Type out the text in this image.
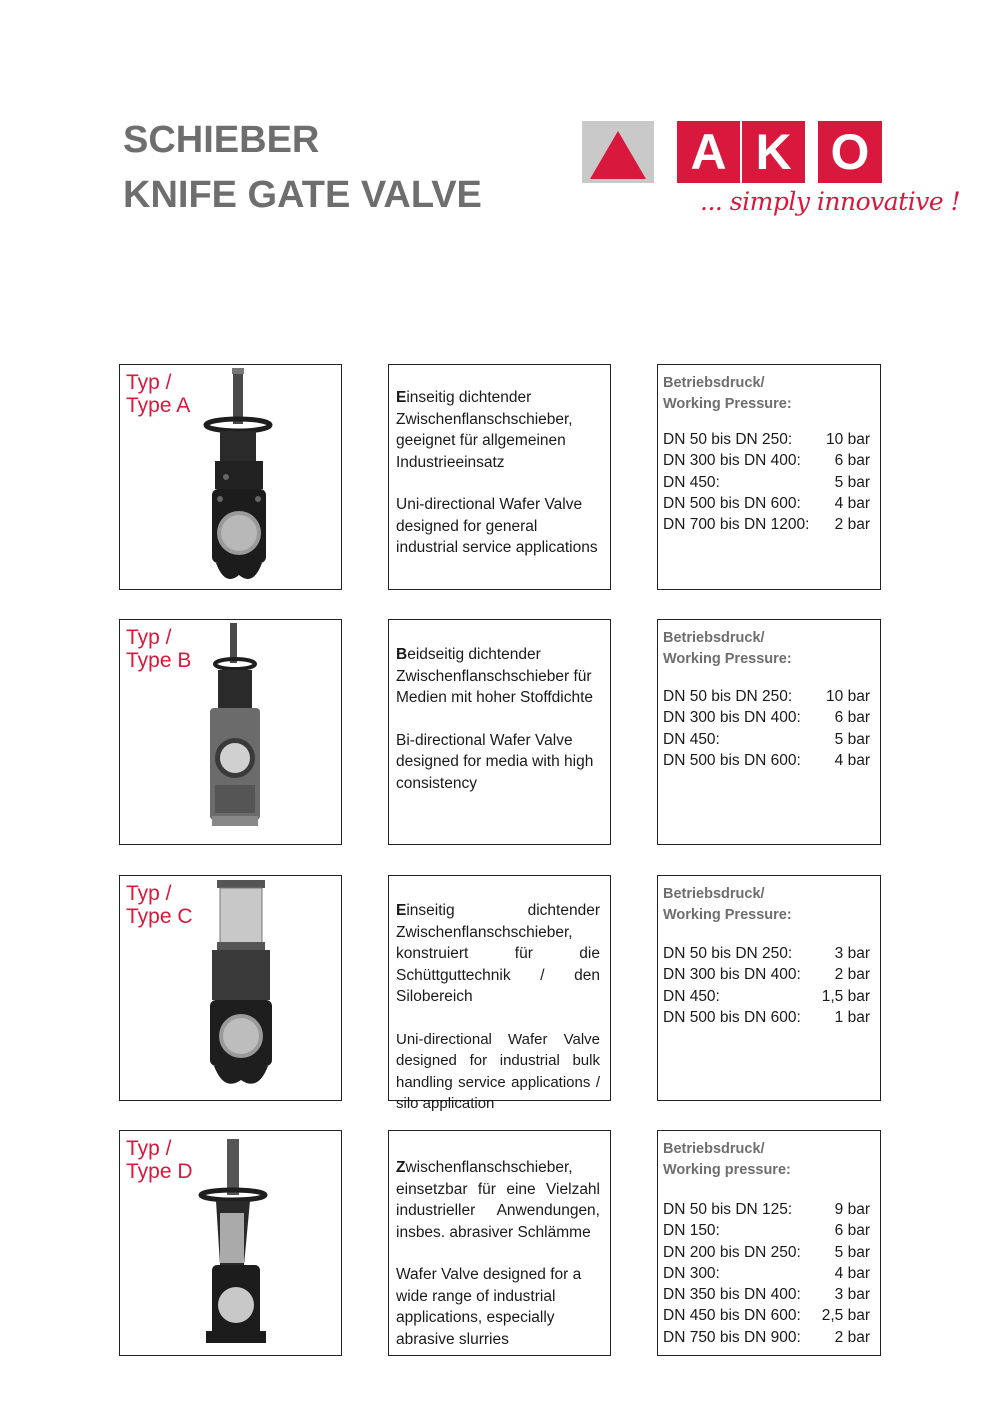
SCHIEBER
KNIFE GATE VALVE
A K O
... simply innovative !
Typ /
Type A	Einseitig dichtender Zwischenflanschschieber, geeignet für allgemeinen Industrieeinsatz

Uni-directional Wafer Valve designed for general industrial service applications

Betriebsdruck/
Working Pressure:
DN 50 bis DN 250: 10 bar
DN 300 bis DN 400: 6 bar
DN 450:	5 bar
DN 500 bis DN 600: 4 bar
DN 700 bis DN 1200: 2 bar
Typ /
Type B	Beidseitig dichtender Zwischenflanschschieber für Medien mit hoher Stoffdichte

Bi-directional Wafer Valve designed for media with high consistency

Betriebsdruck/
Working Pressure:
DN 50 bis DN 250: 10 bar
DN 300 bis DN 400: 6 bar
DN 450:	5 bar
DN 500 bis DN 600: 4 bar
Typ /
Type C	Einseitig dichtender Zwischenflanschschieber, konstruiert für die Schüttguttechnik / den Silobereich

Uni-directional Wafer Valve designed for industrial bulk handling service applications / silo application

Betriebsdruck/
Working Pressure:
DN 50 bis DN 250:	3 bar
DN 300 bis DN 400: 2 bar
DN 450:	1,5 bar
DN 500 bis DN 600: 1 bar
Typ /
Type D	Zwischenflanschschieber, einsetzbar für eine Vielzahl industrieller Anwendungen, insbes. abrasiver Schlämme

Wafer Valve designed for a wide range of industrial applications, especially abrasive slurries

Betriebsdruck/
Working pressure:
DN 50 bis DN 125:	9 bar
DN 150:	6 bar
DN 200 bis DN 250: 5 bar
DN 300:	4 bar
DN 350 bis DN 400: 3 bar
DN 450 bis DN 600: 2,5 bar
DN 750 bis DN 900: 2 bar
